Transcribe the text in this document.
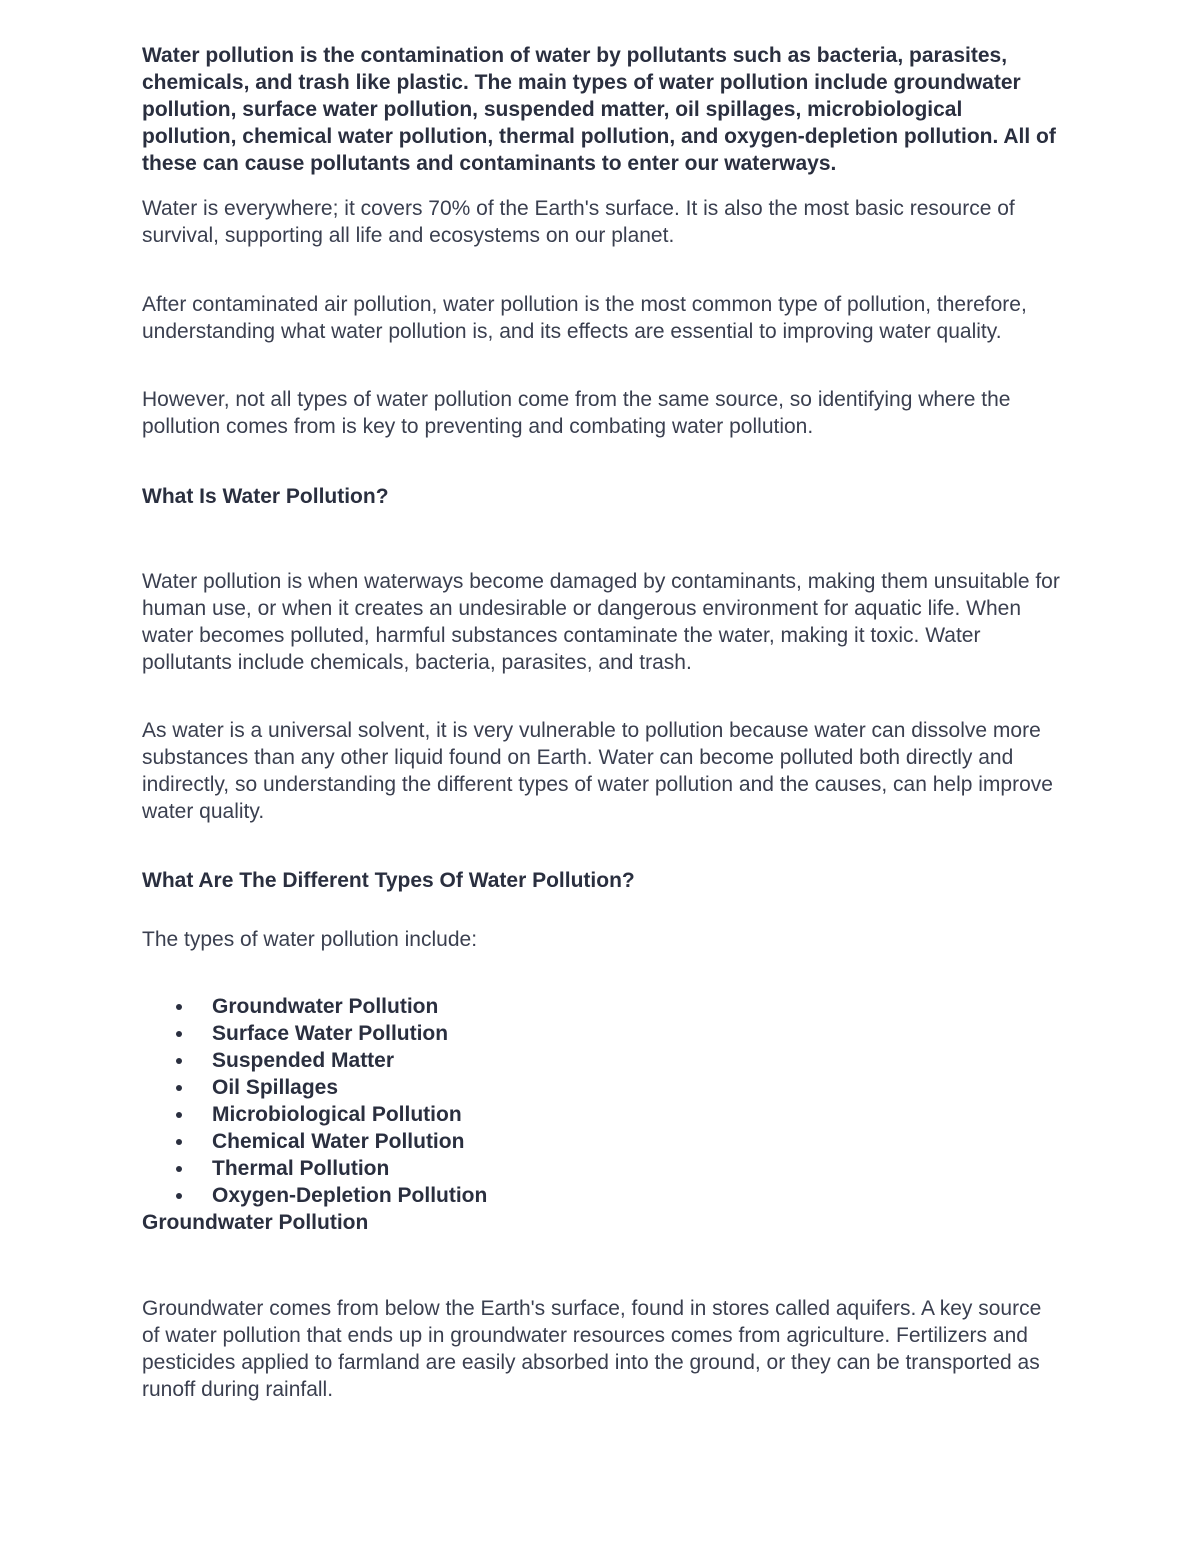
Water pollution is the contamination of water by pollutants such as bacteria, parasites, chemicals, and trash like plastic. The main types of water pollution include groundwater pollution, surface water pollution, suspended matter, oil spillages, microbiological pollution, chemical water pollution, thermal pollution, and oxygen-depletion pollution. All of these can cause pollutants and contaminants to enter our waterways.

Water is everywhere; it covers 70% of the Earth's surface. It is also the most basic resource of survival, supporting all life and ecosystems on our planet.

After contaminated air pollution, water pollution is the most common type of pollution, therefore, understanding what water pollution is, and its effects are essential to improving water quality.

However, not all types of water pollution come from the same source, so identifying where the pollution comes from is key to preventing and combating water pollution.

What Is Water Pollution?

Water pollution is when waterways become damaged by contaminants, making them unsuitable for human use, or when it creates an undesirable or dangerous environment for aquatic life. When water becomes polluted, harmful substances contaminate the water, making it toxic. Water pollutants include chemicals, bacteria, parasites, and trash.

As water is a universal solvent, it is very vulnerable to pollution because water can dissolve more substances than any other liquid found on Earth. Water can become polluted both directly and indirectly, so understanding the different types of water pollution and the causes, can help improve water quality.

What Are The Different Types Of Water Pollution?

The types of water pollution include:

Groundwater Pollution
Surface Water Pollution
Suspended Matter
Oil Spillages
Microbiological Pollution
Chemical Water Pollution
Thermal Pollution
Oxygen-Depletion Pollution
Groundwater Pollution

Groundwater comes from below the Earth's surface, found in stores called aquifers. A key source of water pollution that ends up in groundwater resources comes from agriculture. Fertilizers and pesticides applied to farmland are easily absorbed into the ground, or they can be transported as runoff during rainfall.
